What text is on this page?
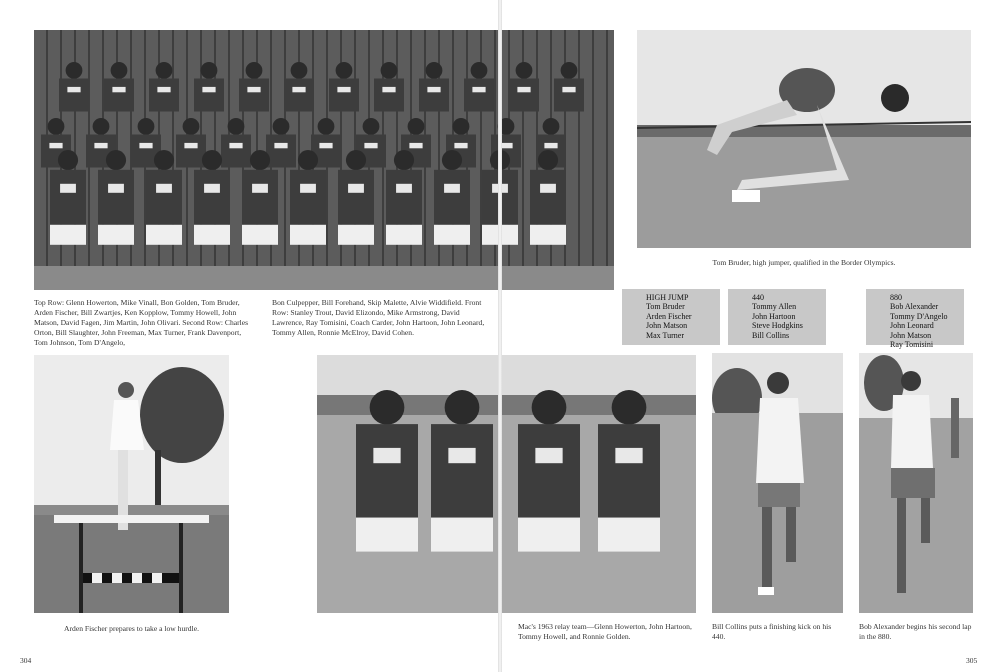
Top Row: Glenn Howerton, Mike Vinall, Bon Golden, Tom Bruder, Arden Fischer, Bill Zwartjes, Ken Kopplow, Tommy Howell, John Matson, David Fagen, Jim Martin, John Olivari. Second Row: Charles Orton, Bill Slaughter, John Freeman, Max Turner, Frank Davenport, Tom Johnson, Tom D'Angelo,
Bon Culpepper, Bill Forehand, Skip Malette, Alvie Widdifield. Front Row: Stanley Trout, David Elizondo, Mike Armstrong, David Lawrence, Ray Tomisini, Coach Carder, John Hartoon, John Leonard, Tommy Allen, Ronnie McElroy, David Cohen.
Tom Bruder, high jumper, qualified in the Border Olympics.
HIGH JUMP
Tom Bruder
Arden Fischer
John Matson
Max Turner
440
Tommy Allen
John Hartoon
Steve Hodgkins
Bill Collins
880
Bob Alexander
Tommy D'Angelo
John Leonard
John Matson
Ray Tomisini
Arden Fischer prepares to take a low hurdle.	Mac's 1963 relay team—Glenn Howerton, John Hartoon, Tommy Howell, and Ronnie Golden.
Bill Collins puts a finishing kick on his 440.
Bob Alexander begins his second lap in the 880.
304	305
